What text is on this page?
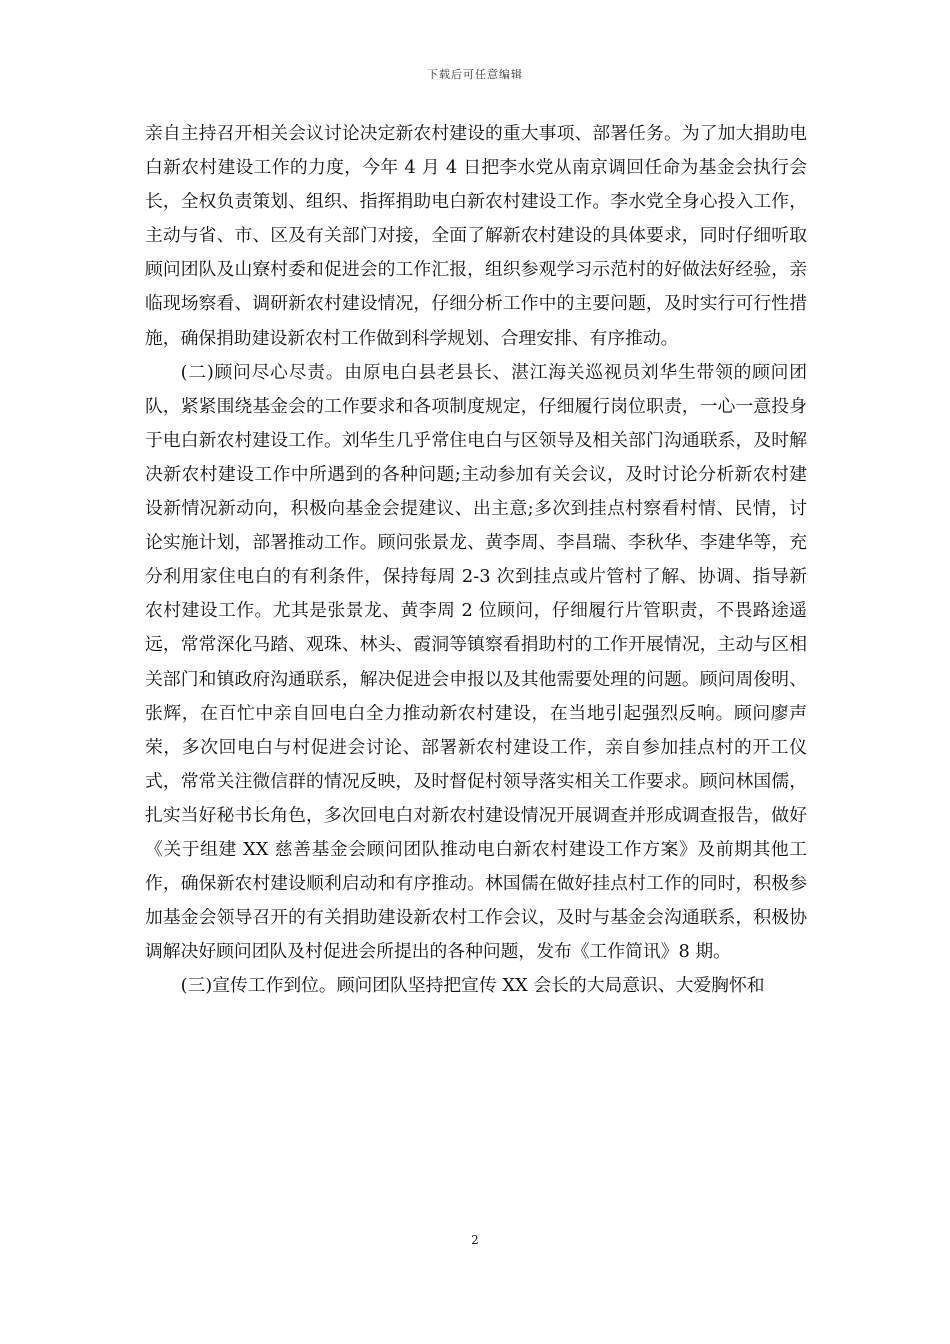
下载后可任意编辑

亲自主持召开相关会议讨论决定新农村建设的重大事项、部署任务。为了加大捐助电白新农村建设工作的力度，今年 4 月 4 日把李水党从南京调回任命为基金会执行会长，全权负责策划、组织、指挥捐助电白新农村建设工作。李水党全身心投入工作，主动与省、市、区及有关部门对接，全面了解新农村建设的具体要求，同时仔细听取顾问团队及山寮村委和促进会的工作汇报，组织参观学习示范村的好做法好经验，亲临现场察看、调研新农村建设情况，仔细分析工作中的主要问题，及时实行可行性措施，确保捐助建设新农村工作做到科学规划、合理安排、有序推动。

(二)顾问尽心尽责。由原电白县老县长、湛江海关巡视员刘华生带领的顾问团队，紧紧围绕基金会的工作要求和各项制度规定，仔细履行岗位职责，一心一意投身于电白新农村建设工作。刘华生几乎常住电白与区领导及相关部门沟通联系，及时解决新农村建设工作中所遇到的各种问题;主动参加有关会议，及时讨论分析新农村建设新情况新动向，积极向基金会提建议、出主意;多次到挂点村察看村情、民情，讨论实施计划，部署推动工作。顾问张景龙、黄李周、李昌瑞、李秋华、李建华等，充分利用家住电白的有利条件，保持每周 2-3 次到挂点或片管村了解、协调、指导新农村建设工作。尤其是张景龙、黄李周 2 位顾问，仔细履行片管职责，不畏路途遥远，常常深化马踏、观珠、林头、霞洞等镇察看捐助村的工作开展情况，主动与区相关部门和镇政府沟通联系，解决促进会申报以及其他需要处理的问题。顾问周俊明、张辉，在百忙中亲自回电白全力推动新农村建设，在当地引起强烈反响。顾问廖声荣，多次回电白与村促进会讨论、部署新农村建设工作，亲自参加挂点村的开工仪式，常常关注微信群的情况反映，及时督促村领导落实相关工作要求。顾问林国儒，扎实当好秘书长角色，多次回电白对新农村建设情况开展调查并形成调查报告，做好《关于组建 XX 慈善基金会顾问团队推动电白新农村建设工作方案》及前期其他工作，确保新农村建设顺利启动和有序推动。林国儒在做好挂点村工作的同时，积极参加基金会领导召开的有关捐助建设新农村工作会议，及时与基金会沟通联系，积极协调解决好顾问团队及村促进会所提出的各种问题，发布《工作简讯》8 期。

(三)宣传工作到位。顾问团队坚持把宣传 XX 会长的大局意识、大爱胸怀和

2
